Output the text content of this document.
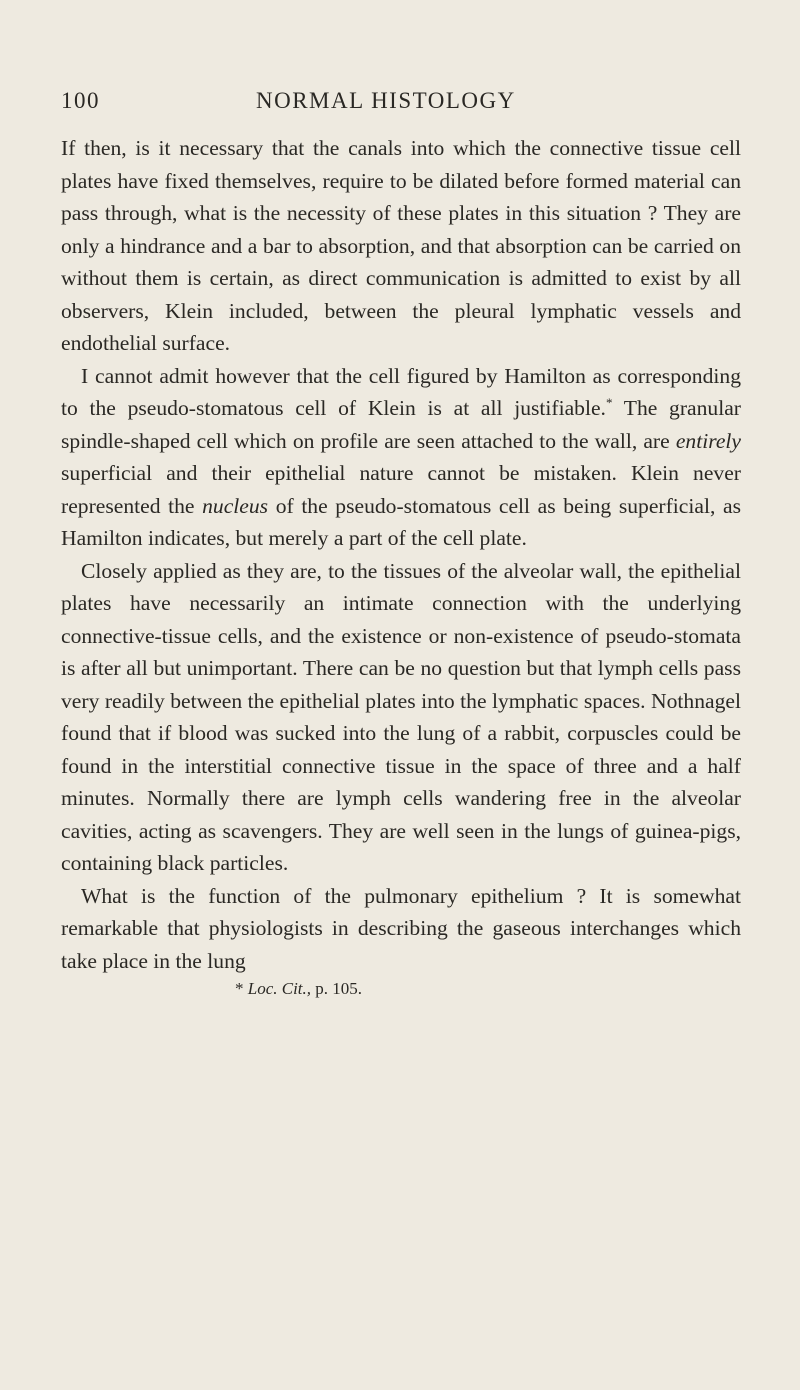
100	NORMAL HISTOLOGY

If then, is it necessary that the canals into which the connective tissue cell plates have fixed themselves, require to be dilated before formed material can pass through, what is the necessity of these plates in this situation ? They are only a hindrance and a bar to absorption, and that absorption can be carried on without them is certain, as direct communication is admitted to exist by all observers, Klein included, between the pleural lymphatic vessels and endothelial surface.

I cannot admit however that the cell figured by Hamilton as corresponding to the pseudo-stomatous cell of Klein is at all justifiable.* The granular spindle-shaped cell which on profile are seen attached to the wall, are entirely superficial and their epithelial nature cannot be mistaken. Klein never represented the nucleus of the pseudo-stomatous cell as being superficial, as Hamilton indicates, but merely a part of the cell plate.

Closely applied as they are, to the tissues of the alveolar wall, the epithelial plates have necessarily an intimate connection with the underlying connective-tissue cells, and the existence or non-existence of pseudo-stomata is after all but unimportant. There can be no question but that lymph cells pass very readily between the epithelial plates into the lymphatic spaces. Nothnagel found that if blood was sucked into the lung of a rabbit, corpuscles could be found in the interstitial connective tissue in the space of three and a half minutes. Normally there are lymph cells wandering free in the alveolar cavities, acting as scavengers. They are well seen in the lungs of guinea-pigs, containing black particles.

What is the function of the pulmonary epithelium ? It is somewhat remarkable that physiologists in describing the gaseous interchanges which take place in the lung

* Loc. Cit., p. 105.
